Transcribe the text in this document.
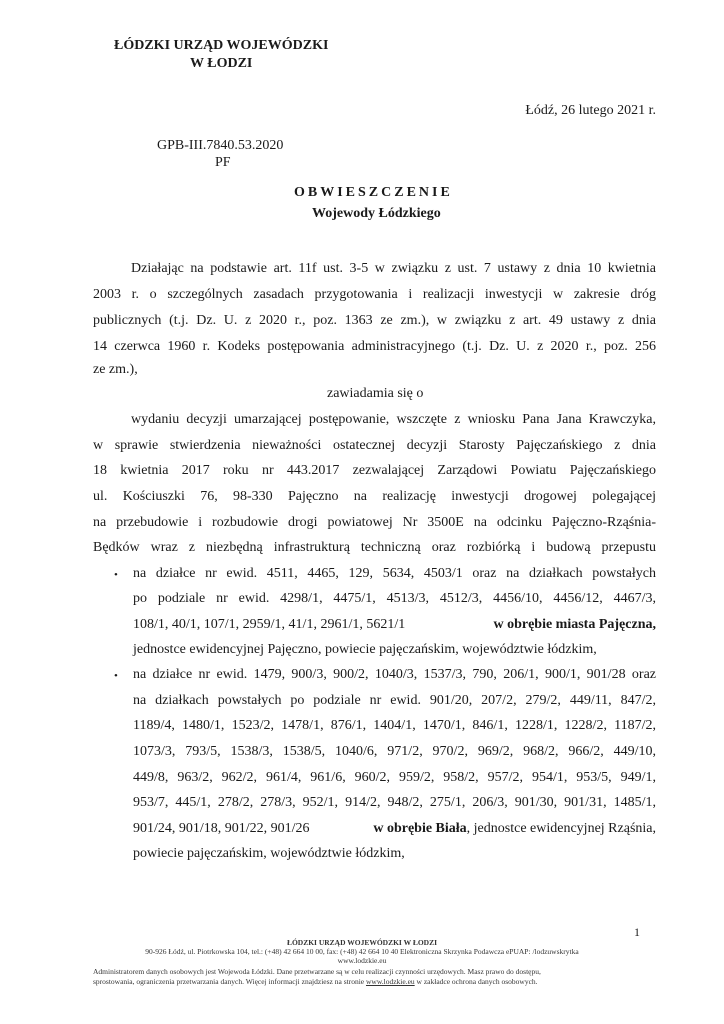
ŁÓDZKI URZĄD WOJEWÓDZKI
W ŁODZI
Łódź, 26 lutego 2021 r.
GPB-III.7840.53.2020
PF
OBWIESZCZENIE
Wojewody Łódzkiego
Działając na podstawie art. 11f ust. 3-5 w związku z ust. 7 ustawy z dnia 10 kwietnia
2003 r. o szczególnych zasadach przygotowania i realizacji inwestycji w zakresie dróg
publicznych (t.j. Dz. U. z 2020 r., poz. 1363 ze zm.), w związku z art. 49 ustawy z dnia
14 czerwca 1960 r. Kodeks postępowania administracyjnego (t.j. Dz. U. z 2020 r., poz. 256
ze zm.),
zawiadamia się o
wydaniu decyzji umarzającej postępowanie, wszczęte z wniosku Pana Jana Krawczyka,
w sprawie stwierdzenia nieważności ostatecznej decyzji Starosty Pajęczańskiego z dnia
18 kwietnia 2017 roku nr 443.2017 zezwalającej Zarządowi Powiatu Pajęczańskiego
ul. Kościuszki 76, 98-330 Pajęczno na realizację inwestycji drogowej polegającej
na przebudowie i rozbudowie drogi powiatowej Nr 3500E na odcinku Pajęczno-Rząśnia-
Będków wraz z niezbędną infrastrukturą techniczną oraz rozbiórką i budową przepustu
• na działce nr ewid. 4511, 4465, 129, 5634, 4503/1 oraz na działkach powstałych
po podziale nr ewid. 4298/1, 4475/1, 4513/3, 4512/3, 4456/10, 4456/12, 4467/3,
108/1, 40/1, 107/1, 2959/1, 41/1, 2961/1, 5621/1	w obrębie miasta Pajęczna,
jednostce ewidencyjnej Pajęczno, powiecie pajęczańskim, województwie łódzkim,
• na działce nr ewid. 1479, 900/3, 900/2, 1040/3, 1537/3, 790, 206/1, 900/1, 901/28 oraz
na działkach powstałych po podziale nr ewid. 901/20, 207/2, 279/2, 449/11, 847/2,
1189/4, 1480/1, 1523/2, 1478/1, 876/1, 1404/1, 1470/1, 846/1, 1228/1, 1228/2, 1187/2,
1073/3, 793/5, 1538/3, 1538/5, 1040/6, 971/2, 970/2, 969/2, 968/2, 966/2, 449/10,
449/8, 963/2, 962/2, 961/4, 961/6, 960/2, 959/2, 958/2, 957/2, 954/1, 953/5, 949/1,
953/7, 445/1, 278/2, 278/3, 952/1, 914/2, 948/2, 275/1, 206/3, 901/30, 901/31, 1485/1,
901/24, 901/18, 901/22, 901/26	w obrębie Biała, jednostce ewidencyjnej Rząśnia,
powiecie pajęczańskim, województwie łódzkim,
1
ŁÓDZKI URZĄD WOJEWÓDZKI W ŁODZI
90-926 Łódź, ul. Piotrkowska 104, tel.: (+48) 42 664 10 00, fax: (+48) 42 664 10 40 Elektroniczna Skrzynka Podawcza ePUAP: /lodzuwskrytka
www.lodzkie.eu
Administratorem danych osobowych jest Wojewoda Łódzki. Dane przetwarzane są w celu realizacji czynności urzędowych. Masz prawo do dostępu,
sprostowania, ograniczenia przetwarzania danych. Więcej informacji znajdziesz na stronie www.lodzkie.eu w zakładce ochrona danych osobowych.
